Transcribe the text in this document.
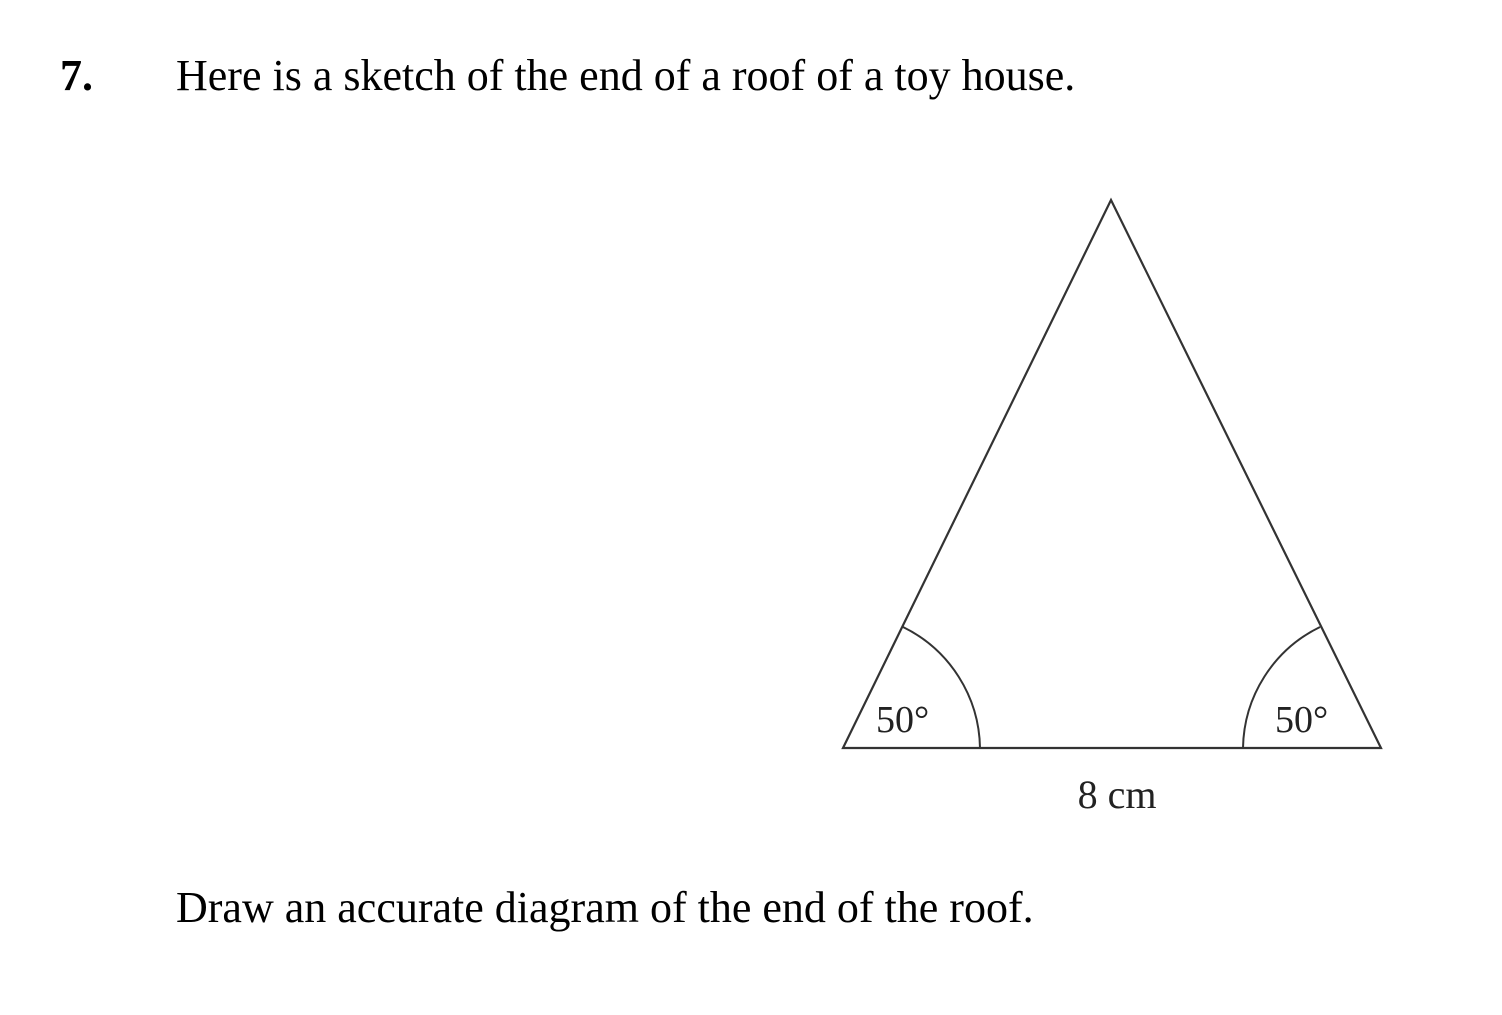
7. Here is a sketch of the end of a roof of a toy house.
50°	50°
8 cm
Draw an accurate diagram of the end of the roof.
